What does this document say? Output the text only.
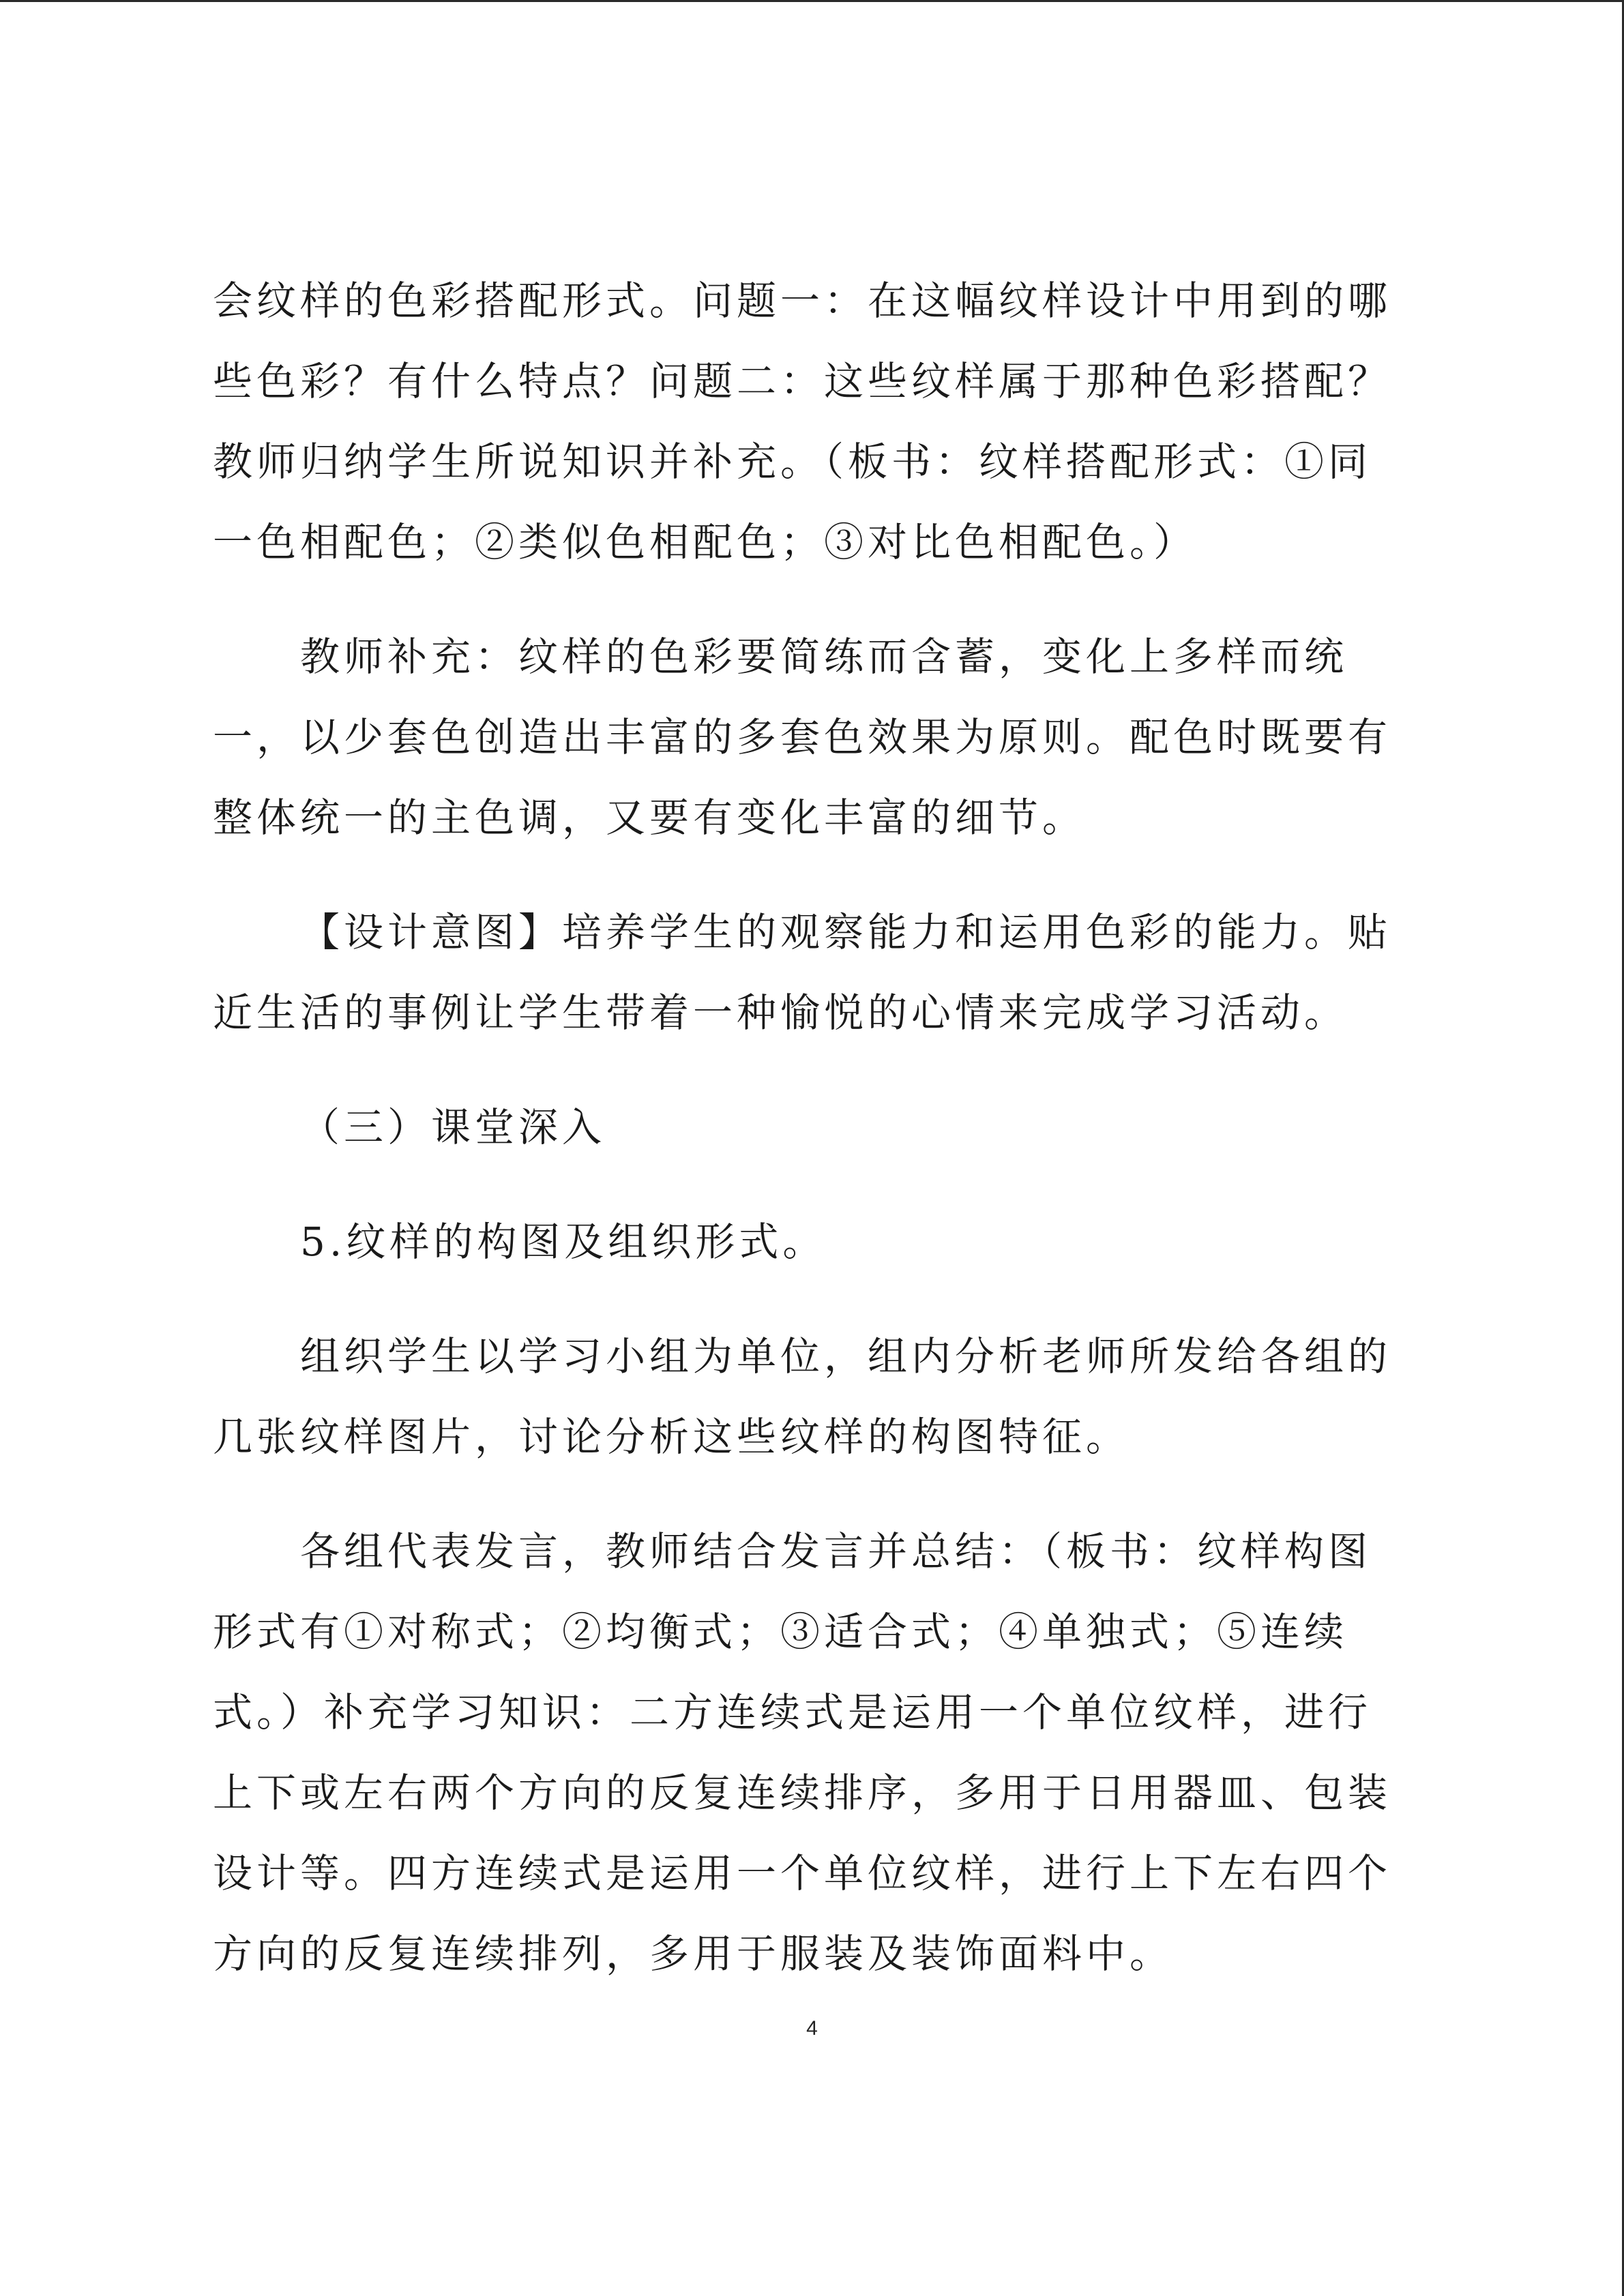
会纹样的色彩搭配形式。问题一：在这幅纹样设计中用到的哪
些色彩？有什么特点？问题二：这些纹样属于那种色彩搭配？
教师归纳学生所说知识并补充。（板书：纹样搭配形式：①同
一色相配色；②类似色相配色；③对比色相配色。）

教师补充：纹样的色彩要简练而含蓄，变化上多样而统
一，以少套色创造出丰富的多套色效果为原则。配色时既要有
整体统一的主色调，又要有变化丰富的细节。

【设计意图】培养学生的观察能力和运用色彩的能力。贴
近生活的事例让学生带着一种愉悦的心情来完成学习活动。

（三）课堂深入

5.纹样的构图及组织形式。

组织学生以学习小组为单位，组内分析老师所发给各组的
几张纹样图片，讨论分析这些纹样的构图特征。

各组代表发言，教师结合发言并总结：（板书：纹样构图
形式有①对称式；②均衡式；③适合式；④单独式；⑤连续
式。）补充学习知识：二方连续式是运用一个单位纹样，进行
上下或左右两个方向的反复连续排序，多用于日用器皿、包装
设计等。四方连续式是运用一个单位纹样，进行上下左右四个
方向的反复连续排列，多用于服装及装饰面料中。

4
